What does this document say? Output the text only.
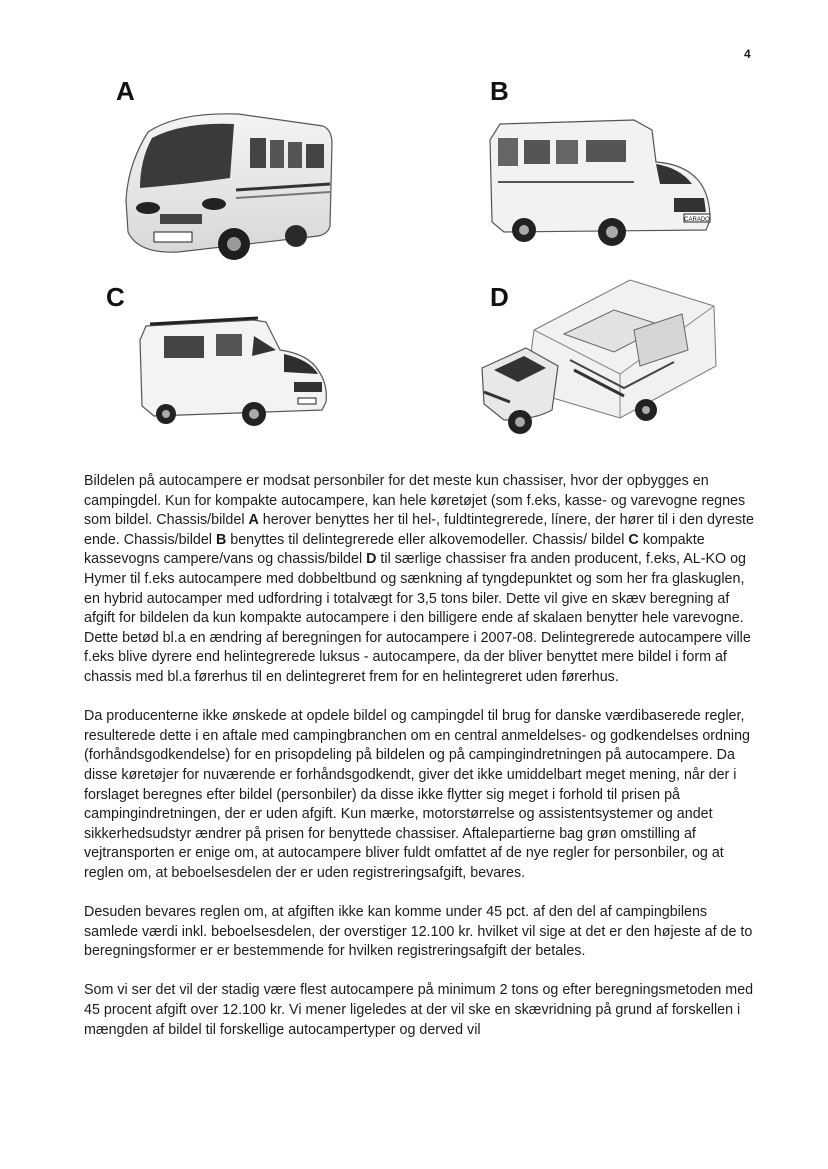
4
A	B
CARADO
C	D

Bildelen på autocampere er modsat personbiler for det meste kun chassiser, hvor der opbygges en campingdel. Kun for kompakte autocampere, kan hele køretøjet (som f.eks, kasse- og varevogne regnes som bildel. Chassis/bildel A herover benyttes her til hel-, fuldtintegrerede, línere, der hører til i den dyreste ende. Chassis/bildel B benyttes til delintegrerede eller alkovemodeller. Chassis/ bildel C kompakte kassevogns campere/vans og chassis/bildel D til særlige chassiser fra anden producent, f.eks, AL-KO og Hymer til f.eks autocampere med dobbeltbund og sænkning af tyngdepunktet og som her fra glaskuglen, en hybrid autocamper med udfordring i totalvægt for 3,5 tons biler. Dette vil give en skæv beregning af afgift for bildelen da kun kompakte autocampere i den billigere ende af skalaen benytter hele varevogne. Dette betød bl.a en ændring af beregningen for autocampere i 2007-08. Delintegrerede autocampere ville f.eks blive dyrere end helintegrerede luksus - autocampere, da der bliver benyttet mere bildel i form af chassis med bl.a førerhus til en delintegreret frem for en helintegreret uden førerhus.

Da producenterne ikke ønskede at opdele bildel og campingdel til brug for danske værdibaserede regler, resulterede dette i en aftale med campingbranchen om en central anmeldelses- og godkendelses ordning (forhåndsgodkendelse) for en prisopdeling på bildelen og på campingindretningen på autocampere. Da disse køretøjer for nuværende er forhåndsgodkendt, giver det ikke umiddelbart meget mening, når der i forslaget beregnes efter bildel (personbiler) da disse ikke flytter sig meget i forhold til prisen på campingindretningen, der er uden afgift. Kun mærke, motorstørrelse og assistentsystemer og andet sikkerhedsudstyr ændrer på prisen for benyttede chassiser. Aftalepartierne bag grøn omstilling af vejtransporten er enige om, at autocampere bliver fuldt omfattet af de nye regler for personbiler, og at reglen om, at beboelsesdelen der er uden registreringsafgift, bevares.

Desuden bevares reglen om, at afgiften ikke kan komme under 45 pct. af den del af campingbilens samlede værdi inkl. beboelsesdelen, der overstiger 12.100 kr. hvilket vil sige at det er den højeste af de to beregningsformer er er bestemmende for hvilken registreringsafgift der betales.

Som vi ser det vil der stadig være flest autocampere på minimum 2 tons og efter beregningsmetoden med 45 procent afgift over 12.100 kr. Vi mener ligeledes at der vil ske en skævridning på grund af forskellen i mængden af bildel til forskellige autocampertyper og derved vil
